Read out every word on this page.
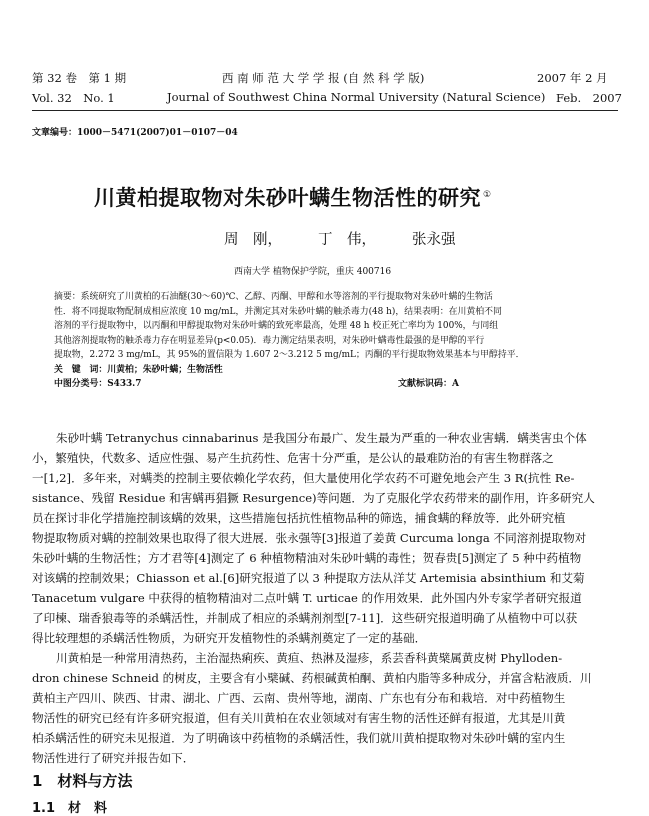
第 32 卷　第 1 期	西 南 师 范 大 学 学 报 (自 然 科 学 版)	2007 年 2 月
Vol. 32　No. 1	Journal of Southwest China Normal University (Natural Science) Feb.　2007
文章编号：1000－5471(2007)01－0107－04
川黄柏提取物对朱砂叶螨生物活性的研究 ①
周　刚， 丁　伟， 张永强
西南大学 植物保护学院，重庆 400716
摘要：系统研究了川黄柏的石油醚(30～60)℃、乙醇、丙酮、甲醇和水等溶剂的平行提取物对朱砂叶螨的生物活
性．将不同提取物配制成相应浓度 10 mg/mL，并测定其对朱砂叶螨的触杀毒力(48 h)，结果表明：在川黄柏不同
溶剂的平行提取物中，以丙酮和甲醇提取物对朱砂叶螨的致死率最高，处理 48 h 校正死亡率均为 100%，与同组
其他溶剂提取物的触杀毒力存在明显差异(p<0.05)．毒力测定结果表明，对朱砂叶螨毒性最强的是甲醇的平行
提取物，2.272 3 mg/mL，其 95%的置信限为 1.607 2～3.212 5 mg/mL；丙酮的平行提取物效果基本与甲醇持平．
关　键　词：川黄柏；朱砂叶螨；生物活性
中图分类号：S433.7	文献标识码：A
朱砂叶螨 Tetranychus cinnabarinus 是我国分布最广、发生最为严重的一种农业害螨．螨类害虫个体
小，繁殖快，代数多、适应性强、易产生抗药性、危害十分严重，是公认的最难防治的有害生物群落之
一[1,2]．多年来，对螨类的控制主要依赖化学农药，但大量使用化学农药不可避免地会产生 3 R(抗性 Re-
sistance、残留 Residue 和害螨再猖獗 Resurgence)等问题．为了克服化学农药带来的副作用，许多研究人
员在探讨非化学措施控制该螨的效果，这些措施包括抗性植物品种的筛选，捕食螨的释放等．此外研究植
物提取物质对螨的控制效果也取得了很大进展．张永强等[3]报道了姜黄 Curcuma longa 不同溶剂提取物对
朱砂叶螨的生物活性；方才君等[4]测定了 6 种植物精油对朱砂叶螨的毒性；贺春贵[5]测定了 5 种中药植物
对该螨的控制效果；Chiasson et al.[6]研究报道了以 3 种提取方法从洋艾 Artemisia absinthium 和艾菊
Tanacetum vulgare 中获得的植物精油对二点叶螨 T. urticae 的作用效果．此外国内外专家学者研究报道
了印楝、瑞香狼毒等的杀螨活性，并制成了相应的杀螨剂剂型[7-11]．这些研究报道明确了从植物中可以获
得比较理想的杀螨活性物质，为研究开发植物性的杀螨剂奠定了一定的基础．
川黄柏是一种常用清热药，主治湿热痢疾、黄疸、热淋及湿疹，系芸香科黄檗属黄皮树 Phylloden-
dron chinese Schneid 的树皮，主要含有小檗碱、药根碱黄柏酮、黄柏内脂等多种成分，并富含粘液质．川
黄柏主产四川、陕西、甘肃、湖北、广西、云南、贵州等地，湖南、广东也有分布和栽培．对中药植物生
物活性的研究已经有许多研究报道，但有关川黄柏在农业领域对有害生物的活性还鲜有报道，尤其是川黄
柏杀螨活性的研究未见报道．为了明确该中药植物的杀螨活性，我们就川黄柏提取物对朱砂叶螨的室内生
物活性进行了研究并报告如下．
1　材料与方法
1.1　材　料
